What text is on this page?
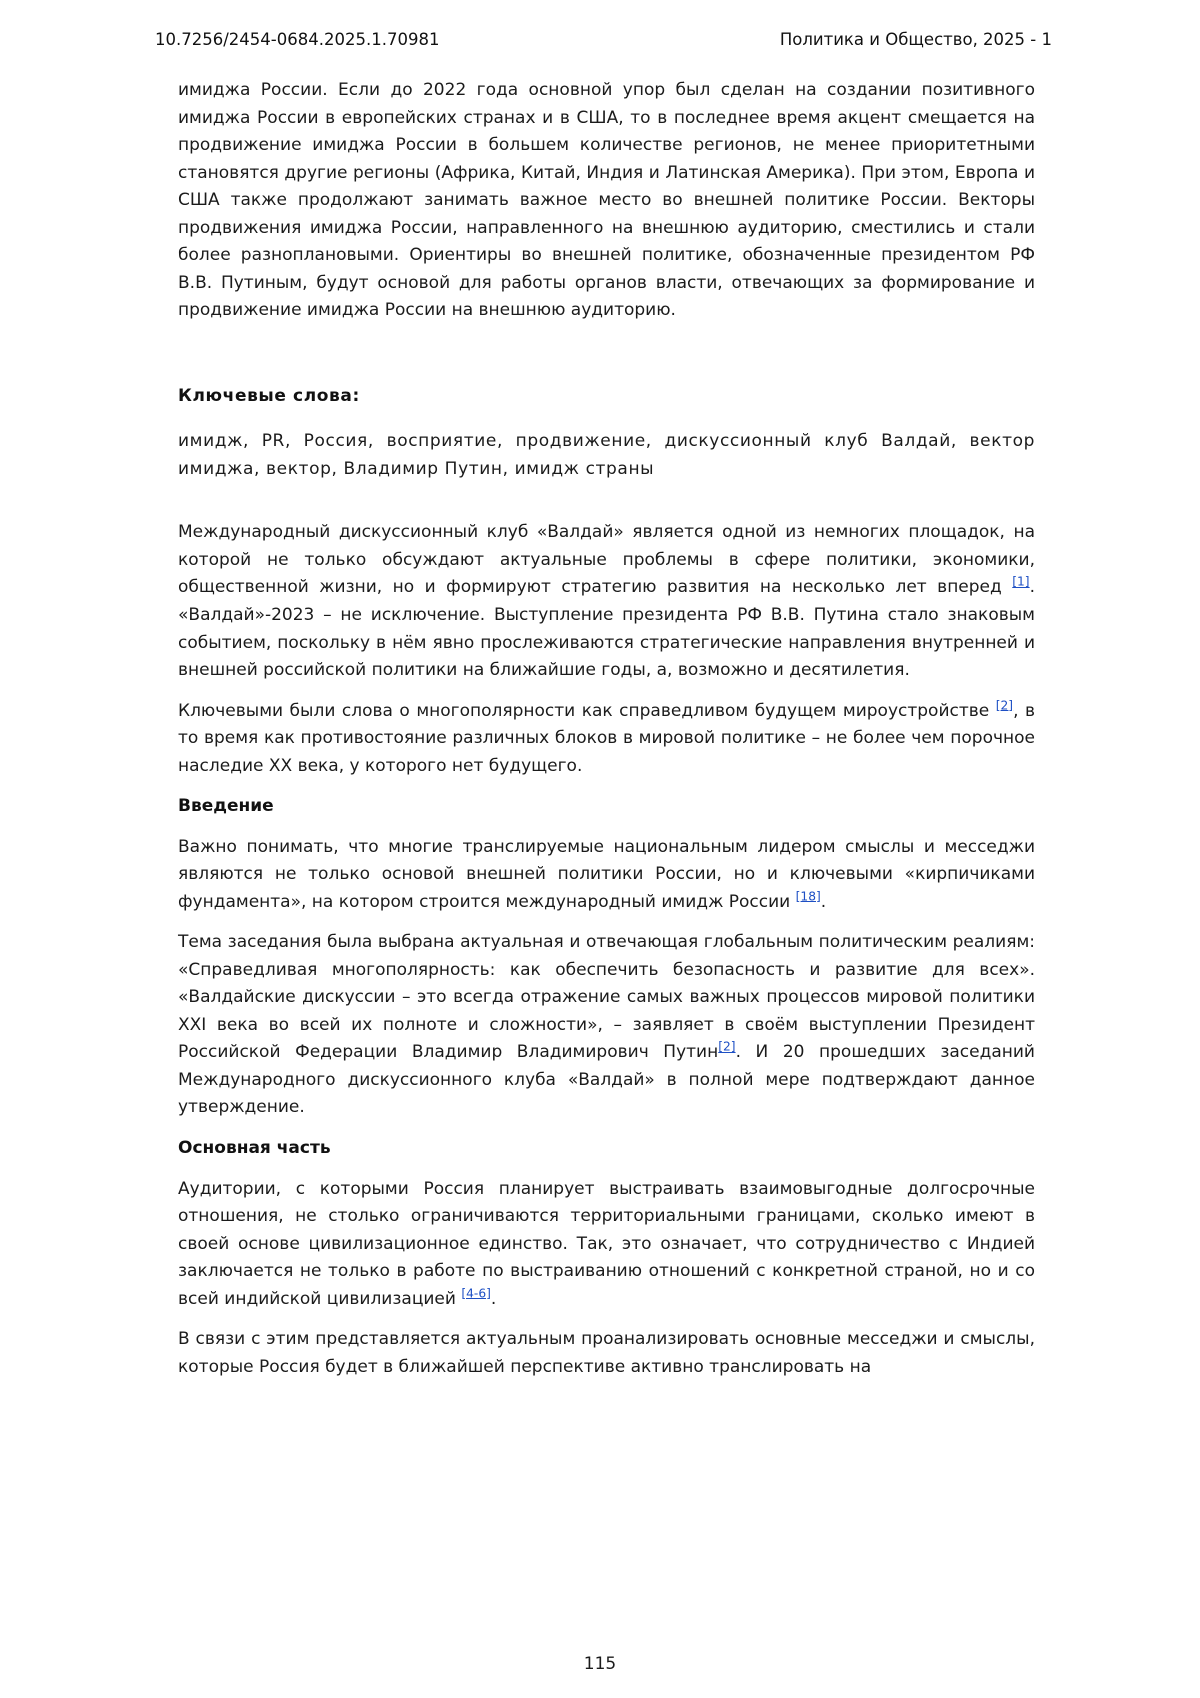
10.7256/2454-0684.2025.1.70981	Политика и Общество, 2025 - 1

имиджа России. Если до 2022 года основной упор был сделан на создании позитивного имиджа России в европейских странах и в США, то в последнее время акцент смещается на продвижение имиджа России в большем количестве регионов, не менее приоритетными становятся другие регионы (Африка, Китай, Индия и Латинская Америка). При этом, Европа и США также продолжают занимать важное место во внешней политике России. Векторы продвижения имиджа России, направленного на внешнюю аудиторию, сместились и стали более разноплановыми. Ориентиры во внешней политике, обозначенные президентом РФ В.В. Путиным, будут основой для работы органов власти, отвечающих за формирование и продвижение имиджа России на внешнюю аудиторию.

Ключевые слова:

имидж, PR, Россия, восприятие, продвижение, дискуссионный клуб Валдай, вектор имиджа, вектор, Владимир Путин, имидж страны

Международный дискуссионный клуб «Валдай» является одной из немногих площадок, на которой не только обсуждают актуальные проблемы в сфере политики, экономики, общественной жизни, но и формируют стратегию развития на несколько лет вперед [1]. «Валдай»-2023 – не исключение. Выступление президента РФ В.В. Путина стало знаковым событием, поскольку в нём явно прослеживаются стратегические направления внутренней и внешней российской политики на ближайшие годы, а, возможно и десятилетия.

Ключевыми были слова о многополярности как справедливом будущем мироустройстве [2], в то время как противостояние различных блоков в мировой политике – не более чем порочное наследие XX века, у которого нет будущего.

Введение

Важно понимать, что многие транслируемые национальным лидером смыслы и месседжи являются не только основой внешней политики России, но и ключевыми «кирпичиками фундамента», на котором строится международный имидж России [18].

Тема заседания была выбрана актуальная и отвечающая глобальным политическим реалиям: «Справедливая многополярность: как обеспечить безопасность и развитие для всех». «Валдайские дискуссии – это всегда отражение самых важных процессов мировой политики XXI века во всей их полноте и сложности», – заявляет в своём выступлении Президент Российской Федерации Владимир Владимирович Путин[2]. И 20 прошедших заседаний Международного дискуссионного клуба «Валдай» в полной мере подтверждают данное утверждение.

Основная часть

Аудитории, с которыми Россия планирует выстраивать взаимовыгодные долгосрочные отношения, не столько ограничиваются территориальными границами, сколько имеют в своей основе цивилизационное единство. Так, это означает, что сотрудничество с Индией заключается не только в работе по выстраиванию отношений с конкретной страной, но и со всей индийской цивилизацией [4-6].

В связи с этим представляется актуальным проанализировать основные месседжи и смыслы, которые Россия будет в ближайшей перспективе активно транслировать на

115
